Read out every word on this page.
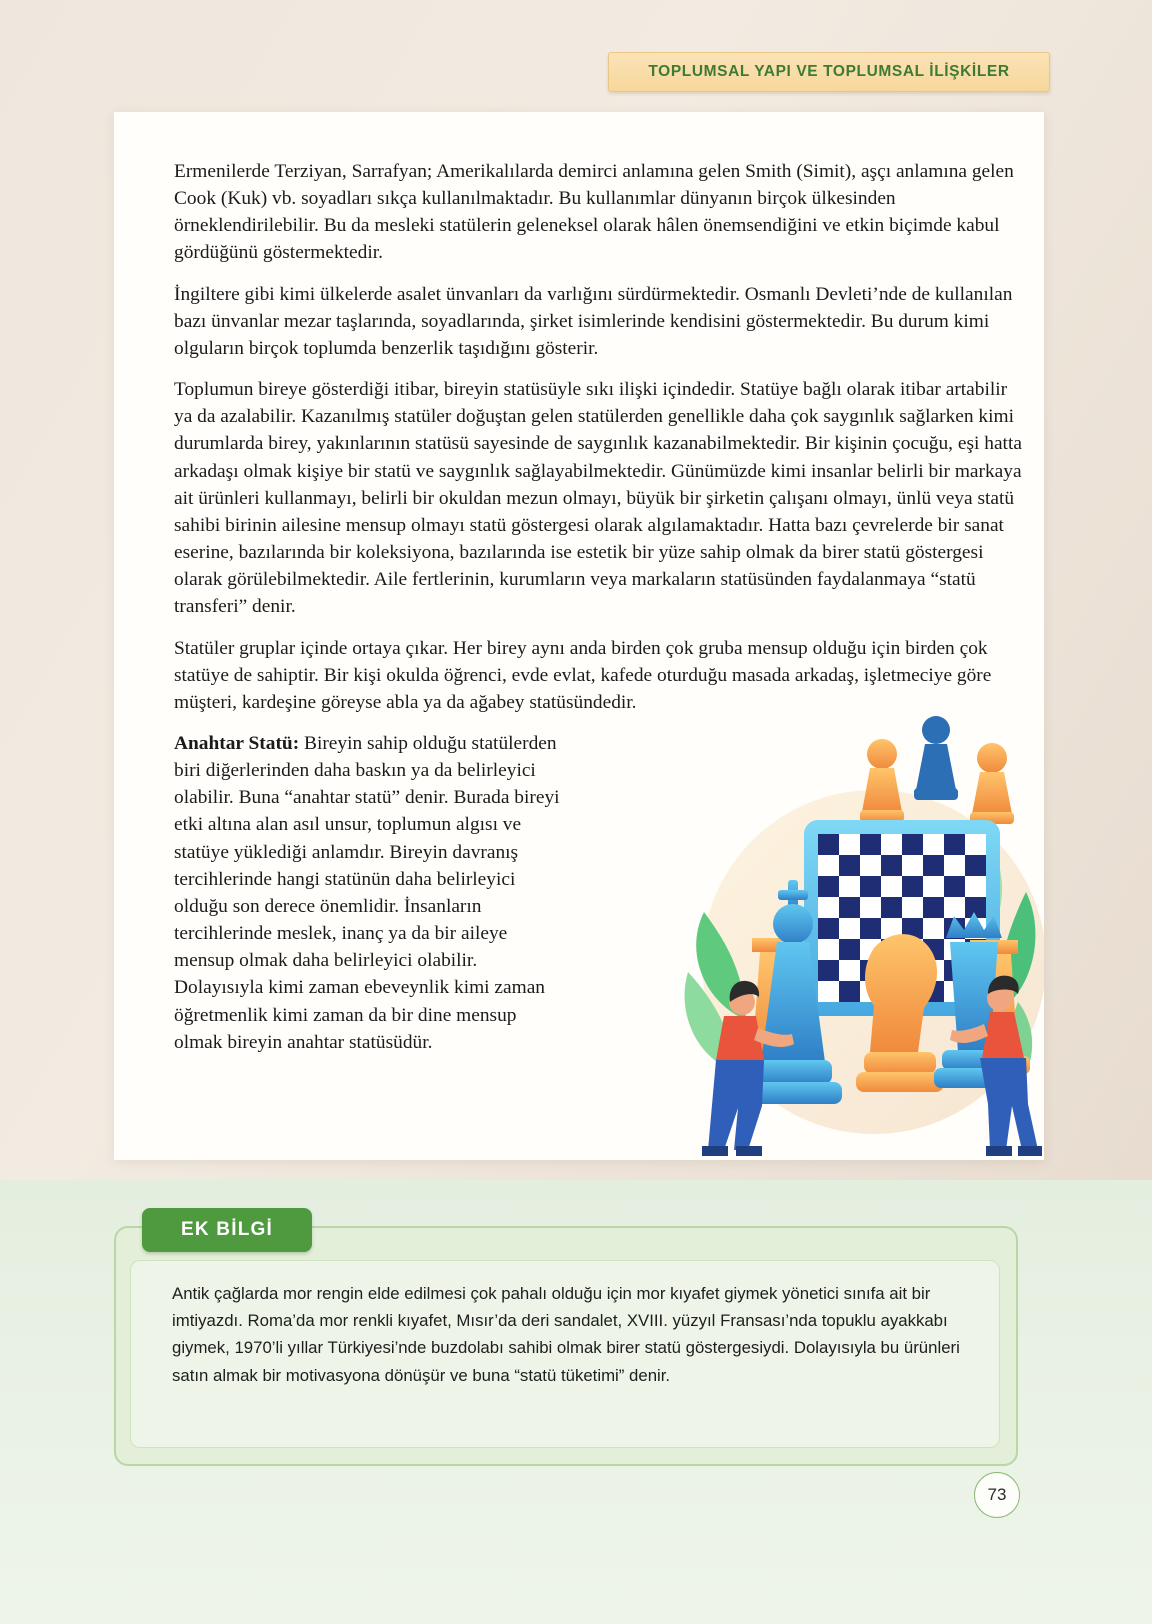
TOPLUMSAL YAPI VE TOPLUMSAL İLİŞKİLER

Ermenilerde Terziyan, Sarrafyan; Amerikalılarda demirci anlamına gelen Smith (Simit), aşçı anlamına gelen Cook (Kuk) vb. soyadları sıkça kullanılmaktadır. Bu kullanımlar dünyanın birçok ülkesinden örneklendirilebilir. Bu da mesleki statülerin geleneksel olarak hâlen önemsendiğini ve etkin biçimde kabul gördüğünü göstermektedir.

İngiltere gibi kimi ülkelerde asalet ünvanları da varlığını sürdürmektedir. Osmanlı Devleti’nde de kullanılan bazı ünvanlar mezar taşlarında, soyadlarında, şirket isimlerinde kendisini göstermektedir. Bu durum kimi olguların birçok toplumda benzerlik taşıdığını gösterir.

Toplumun bireye gösterdiği itibar, bireyin statüsüyle sıkı ilişki içindedir. Statüye bağlı olarak itibar artabilir ya da azalabilir. Kazanılmış statüler doğuştan gelen statülerden genellikle daha çok saygınlık sağlarken kimi durumlarda birey, yakınlarının statüsü sayesinde de saygınlık kazanabilmektedir. Bir kişinin çocuğu, eşi hatta arkadaşı olmak kişiye bir statü ve saygınlık sağlayabilmektedir. Günümüzde kimi insanlar belirli bir markaya ait ürünleri kullanmayı, belirli bir okuldan mezun olmayı, büyük bir şirketin çalışanı olmayı, ünlü veya statü sahibi birinin ailesine mensup olmayı statü göstergesi olarak algılamaktadır. Hatta bazı çevrelerde bir sanat eserine, bazılarında bir koleksiyona, bazılarında ise estetik bir yüze sahip olmak da birer statü göstergesi olarak görülebilmektedir. Aile fertlerinin, kurumların veya markaların statüsünden faydalanmaya “statü transferi” denir.

Statüler gruplar içinde ortaya çıkar. Her birey aynı anda birden çok gruba mensup olduğu için birden çok statüye de sahiptir. Bir kişi okulda öğrenci, evde evlat, kafede oturduğu masada arkadaş, işletmeciye göre müşteri, kardeşine göreyse abla ya da ağabey statüsündedir.

Anahtar Statü: Bireyin sahip olduğu statülerden biri diğerlerinden daha baskın ya da belirleyici olabilir. Buna “anahtar statü” denir. Burada bireyi etki altına alan asıl unsur, toplumun algısı ve statüye yüklediği anlamdır. Bireyin davranış tercihlerinde hangi statünün daha belirleyici olduğu son derece önemlidir. İnsanların tercihlerinde meslek, inanç ya da bir aileye mensup olmak daha belirleyici olabilir. Dolayısıyla kimi zaman ebeveynlik kimi zaman öğretmenlik kimi zaman da bir dine mensup olmak bireyin anahtar statüsüdür.

EK BİLGİ
Antik çağlarda mor rengin elde edilmesi çok pahalı olduğu için mor kıyafet giymek yönetici sınıfa ait bir imtiyazdı. Roma’da mor renkli kıyafet, Mısır’da deri sandalet, XVIII. yüzyıl Fransası’nda topuklu ayakkabı giymek, 1970’li yıllar Türkiyesi’nde buzdolabı sahibi olmak birer statü göstergesiydi. Dolayısıyla bu ürünleri satın almak bir motivasyona dönüşür ve buna “statü tüketimi” denir.
73
